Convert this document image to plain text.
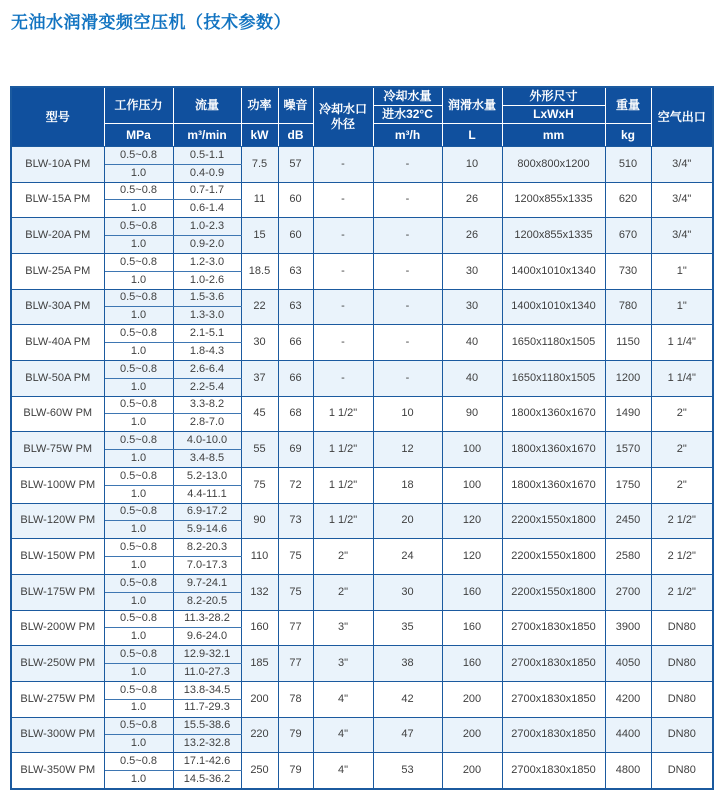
无油水润滑变频空压机（技术参数）
型号	工作压力	流量	功率	噪音	冷却水口外径	冷却水量	润滑水量	外形尺寸	重量	空气出口
						进水32°C		LxWxH		
	MPa	m³/min	kW	dB		m³/h	L	mm	kg	
BLW-10A PM	0.5~0.8	0.5-1.1	7.5	57	-	-	10	800x800x1200	510	3/4"
	1.0	0.4-0.9								
BLW-15A PM	0.5~0.8	0.7-1.7	11	60	-	-	26	1200x855x1335	620	3/4"
	1.0	0.6-1.4								
BLW-20A PM	0.5~0.8	1.0-2.3	15	60	-	-	26	1200x855x1335	670	3/4"
	1.0	0.9-2.0								
BLW-25A PM	0.5~0.8	1.2-3.0	18.5	63	-	-	30	1400x1010x1340	730	1"
	1.0	1.0-2.6								
BLW-30A PM	0.5~0.8	1.5-3.6	22	63	-	-	30	1400x1010x1340	780	1"
	1.0	1.3-3.0								
BLW-40A PM	0.5~0.8	2.1-5.1	30	66	-	-	40	1650x1180x1505	1150	1 1/4"
	1.0	1.8-4.3								
BLW-50A PM	0.5~0.8	2.6-6.4	37	66	-	-	40	1650x1180x1505	1200	1 1/4"
	1.0	2.2-5.4								
BLW-60W PM	0.5~0.8	3.3-8.2	45	68	1 1/2"	10	90	1800x1360x1670	1490	2"
	1.0	2.8-7.0								
BLW-75W PM	0.5~0.8	4.0-10.0	55	69	1 1/2"	12	100	1800x1360x1670	1570	2"
	1.0	3.4-8.5								
BLW-100W PM	0.5~0.8	5.2-13.0	75	72	1 1/2"	18	100	1800x1360x1670	1750	2"
	1.0	4.4-11.1								
BLW-120W PM	0.5~0.8	6.9-17.2	90	73	1 1/2"	20	120	2200x1550x1800	2450	2 1/2"
	1.0	5.9-14.6								
BLW-150W PM	0.5~0.8	8.2-20.3	110	75	2"	24	120	2200x1550x1800	2580	2 1/2"
	1.0	7.0-17.3								
BLW-175W PM	0.5~0.8	9.7-24.1	132	75	2"	30	160	2200x1550x1800	2700	2 1/2"
	1.0	8.2-20.5								
BLW-200W PM	0.5~0.8	11.3-28.2	160	77	3"	35	160	2700x1830x1850	3900	DN80
	1.0	9.6-24.0								
BLW-250W PM	0.5~0.8	12.9-32.1	185	77	3"	38	160	2700x1830x1850	4050	DN80
	1.0	11.0-27.3								
BLW-275W PM	0.5~0.8	13.8-34.5	200	78	4"	42	200	2700x1830x1850	4200	DN80
	1.0	11.7-29.3								
BLW-300W PM	0.5~0.8	15.5-38.6	220	79	4"	47	200	2700x1830x1850	4400	DN80
	1.0	13.2-32.8								
BLW-350W PM	0.5~0.8	17.1-42.6	250	79	4"	53	200	2700x1830x1850	4800	DN80
	1.0	14.5-36.2								
